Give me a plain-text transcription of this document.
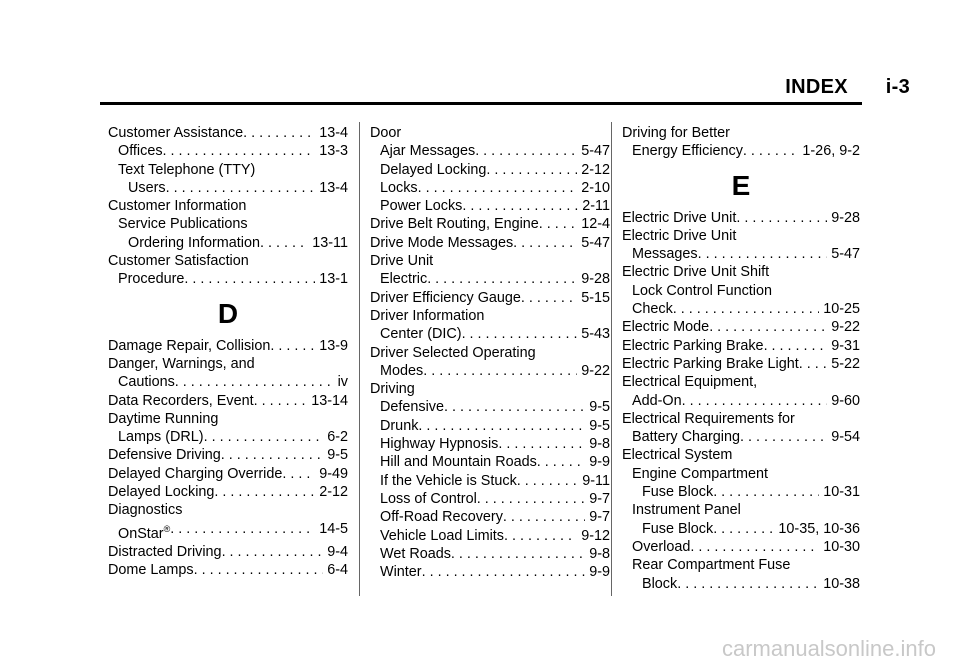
INDEX i-3
Customer Assistance . . .	13-4
Offices . . .	13-3
Text Telephone (TTY)
Users . . .	13-4
Customer Information
Service Publications
Ordering Information . . .	13-11
Customer Satisfaction
Procedure . . .	13-1
D
Damage Repair, Collision . . .	13-9
Danger, Warnings, and
Cautions . . .	iv
Data Recorders, Event . . .	13-14
Daytime Running
Lamps (DRL) . . .	6-2
Defensive Driving . . .	9-5
Delayed Charging Override . . .	9-49
Delayed Locking . . .	2-12
Diagnostics
OnStar® . . .	14-5
Distracted Driving . . .	9-4
Dome Lamps . . .	6-4
Door
Ajar Messages . . .	5-47
Delayed Locking . . .	2-12
Locks . . .	2-10
Power Locks . . .	2-11
Drive Belt Routing, Engine . . .	12-4
Drive Mode Messages . . .	5-47
Drive Unit
Electric . . .	9-28
Driver Efficiency Gauge . . .	5-15
Driver Information
Center (DIC) . . .	5-43
Driver Selected Operating
Modes . . .	9-22
Driving
Defensive . . .	9-5
Drunk . . .	9-5
Highway Hypnosis . . .	9-8
Hill and Mountain Roads . . .	9-9
If the Vehicle is Stuck . . .	9-11
Loss of Control . . .	9-7
Off-Road Recovery . . .	9-7
Vehicle Load Limits . . .	9-12
Wet Roads . . .	9-8
Winter . . .	9-9
Driving for Better
Energy Efficiency . . .	1-26, 9-2
E
Electric Drive Unit . . .	9-28
Electric Drive Unit
Messages . . .	5-47
Electric Drive Unit Shift
Lock Control Function
Check . . .	10-25
Electric Mode . . .	9-22
Electric Parking Brake . . .	9-31
Electric Parking Brake Light . . . 5-22
Electrical Equipment,
Add-On . . .	9-60
Electrical Requirements for
Battery Charging . . .	9-54
Electrical System
Engine Compartment
Fuse Block . . .	10-31
Instrument Panel
Fuse Block . . .	10-35, 10-36
Overload . . .	10-30
Rear Compartment Fuse
Block . . .	10-38
carmanualsonline.info
